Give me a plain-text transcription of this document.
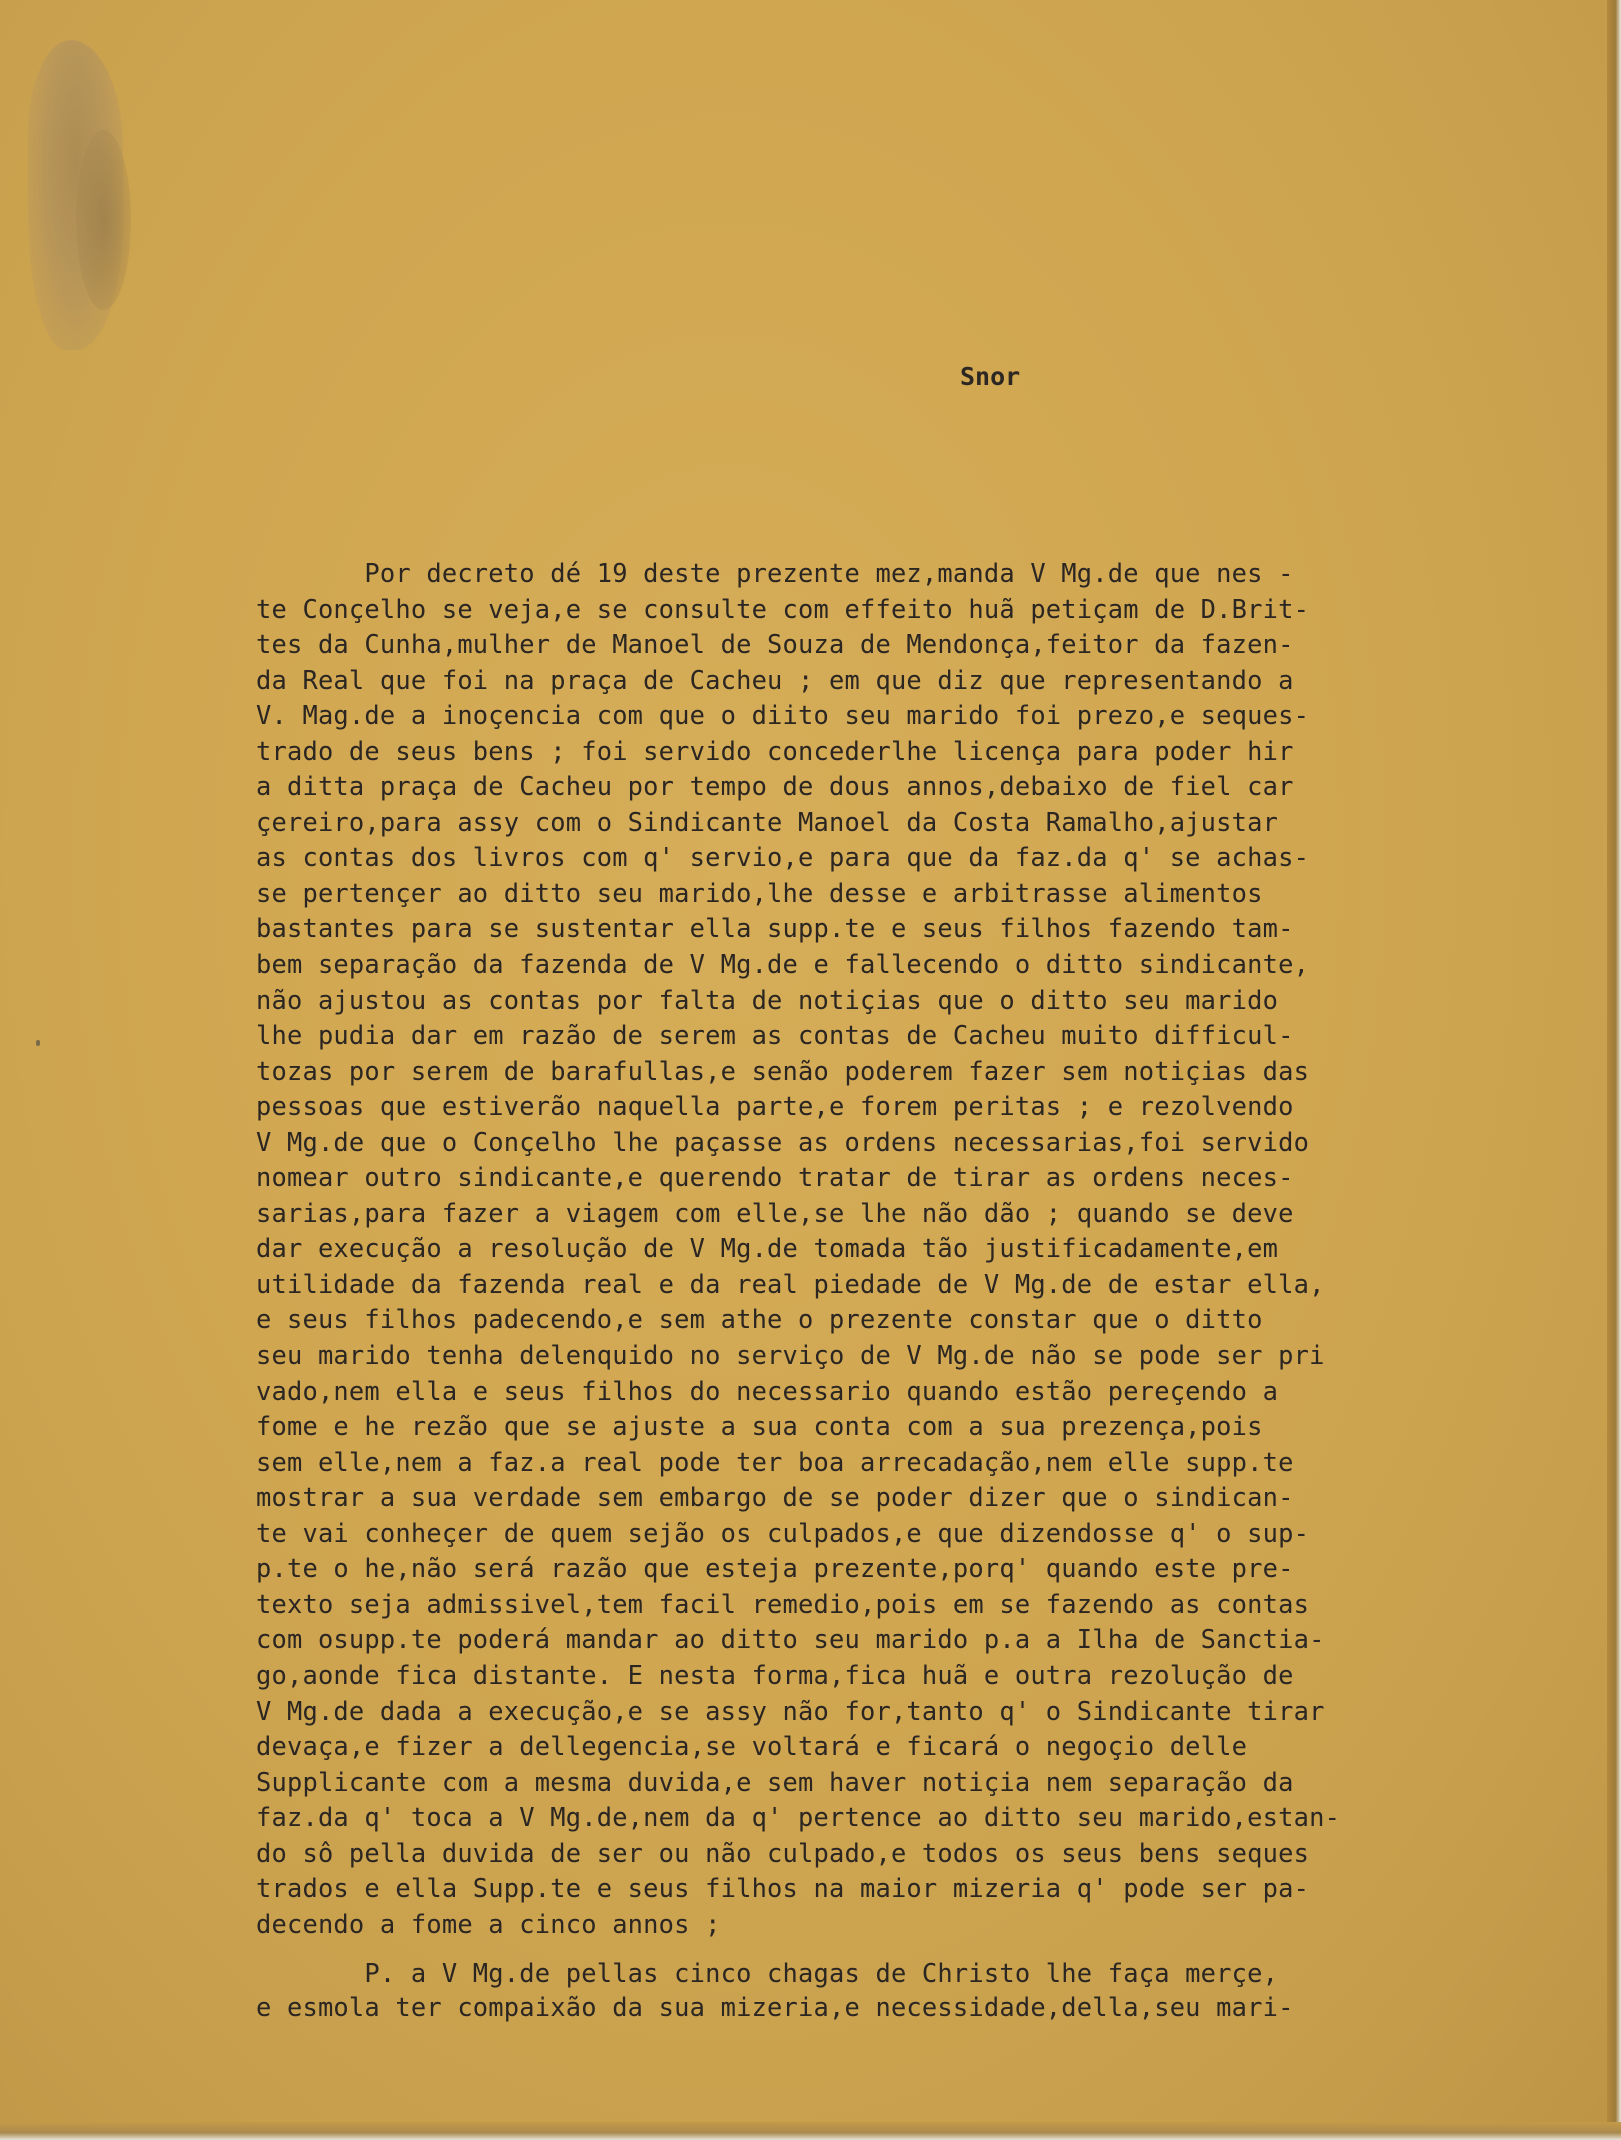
Snor
Por decreto dé 19 deste prezente mez,manda V Mg.de que nes -
te Conçelho se veja,e se consulte com effeito huã petiçam de D.Brit-
tes da Cunha,mulher de Manoel de Souza de Mendonça,feitor da fazen-
da Real que foi na praça de Cacheu ; em que diz que representando a
V. Mag.de a inoçencia com que o diito seu marido foi prezo,e seques-
trado de seus bens ; foi servido concederlhe licença para poder hir
a ditta praça de Cacheu por tempo de dous annos,debaixo de fiel car
çereiro,para assy com o Sindicante Manoel da Costa Ramalho,ajustar
as contas dos livros com q' servio,e para que da faz.da q' se achas-
se pertençer ao ditto seu marido,lhe desse e arbitrasse alimentos
bastantes para se sustentar ella supp.te e seus filhos fazendo tam-
bem separação da fazenda de V Mg.de e fallecendo o ditto sindicante,
não ajustou as contas por falta de notiçias que o ditto seu marido
lhe pudia dar em razão de serem as contas de Cacheu muito difficul-
tozas por serem de barafullas,e senão poderem fazer sem notiçias das
pessoas que estiverão naquella parte,e forem peritas ; e rezolvendo
V Mg.de que o Conçelho lhe paçasse as ordens necessarias,foi servido
nomear outro sindicante,e querendo tratar de tirar as ordens neces-
sarias,para fazer a viagem com elle,se lhe não dão ; quando se deve
dar execução a resolução de V Mg.de tomada tão justificadamente,em
utilidade da fazenda real e da real piedade de V Mg.de de estar ella,
e seus filhos padecendo,e sem athe o prezente constar que o ditto
seu marido tenha delenquido no serviço de V Mg.de não se pode ser pri
vado,nem ella e seus filhos do necessario quando estão pereçendo a
fome e he rezão que se ajuste a sua conta com a sua prezença,pois
sem elle,nem a faz.a real pode ter boa arrecadação,nem elle supp.te
mostrar a sua verdade sem embargo de se poder dizer que o sindican-
te vai conheçer de quem sejão os culpados,e que dizendosse q' o sup-
p.te o he,não será razão que esteja prezente,porq' quando este pre-
texto seja admissivel,tem facil remedio,pois em se fazendo as contas
com osupp.te poderá mandar ao ditto seu marido p.a a Ilha de Sanctia-
go,aonde fica distante. E nesta forma,fica huã e outra rezolução de
V Mg.de dada a execução,e se assy não for,tanto q' o Sindicante tirar
devaça,e fizer a dellegencia,se voltará e ficará o negoçio delle
Supplicante com a mesma duvida,e sem haver notiçia nem separação da
faz.da q' toca a V Mg.de,nem da q' pertence ao ditto seu marido,estan-
do sô pella duvida de ser ou não culpado,e todos os seus bens seques
trados e ella Supp.te e seus filhos na maior mizeria q' pode ser pa-
decendo a fome a cinco annos ;
P. a V Mg.de pellas cinco chagas de Christo lhe faça merçe,
e esmola ter compaixão da sua mizeria,e necessidade,della,seu mari-
